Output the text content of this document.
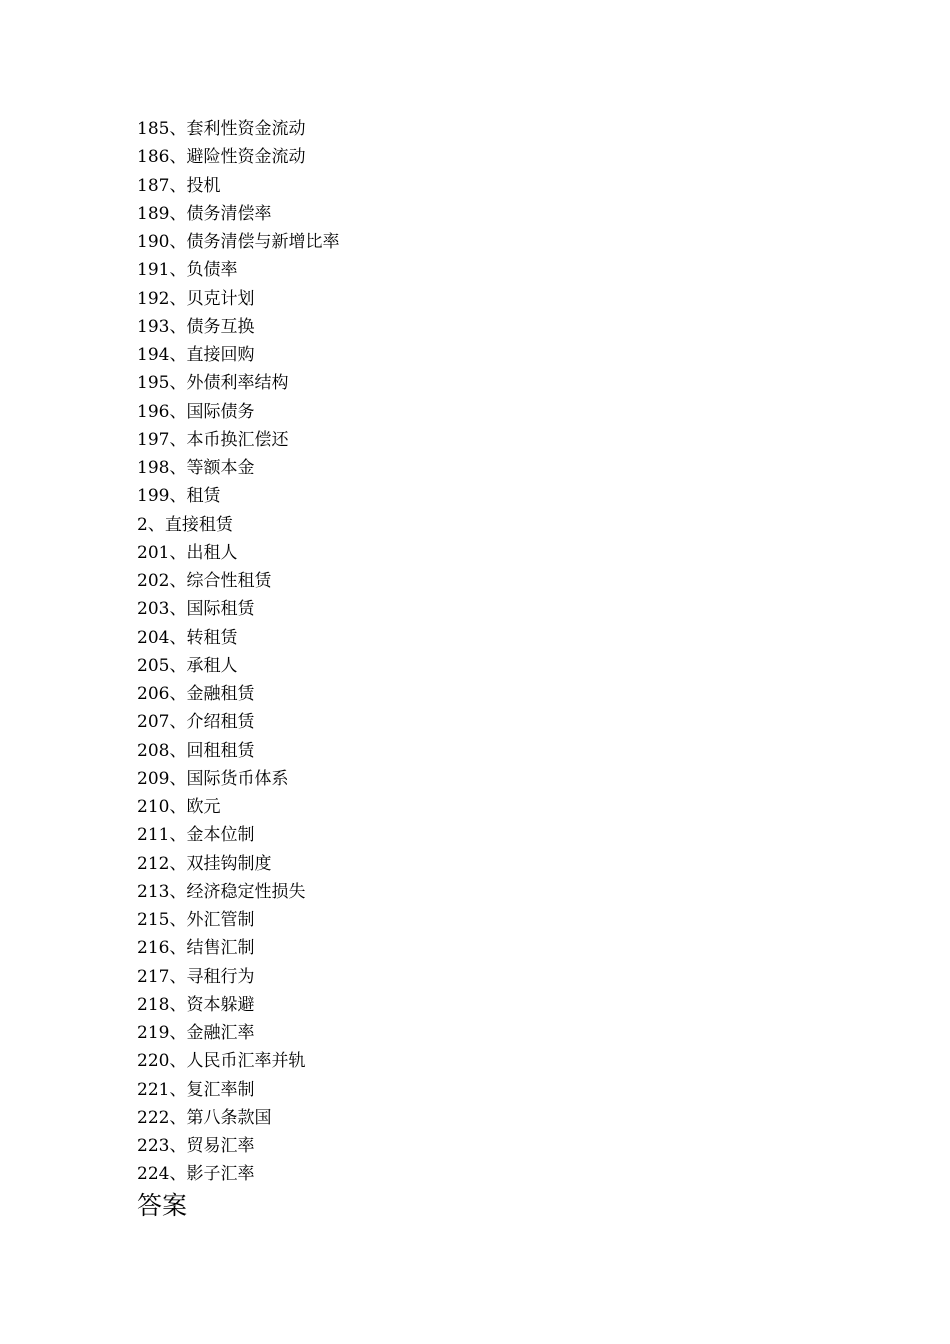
185、套利性资金流动
186、避险性资金流动
187、投机
189、债务清偿率
190、债务清偿与新增比率
191、负债率
192、贝克计划
193、债务互换
194、直接回购
195、外债利率结构
196、国际债务
197、本币换汇偿还
198、等额本金
199、租赁
2、直接租赁
201、出租人
202、综合性租赁
203、国际租赁
204、转租赁
205、承租人
206、金融租赁
207、介绍租赁
208、回租租赁
209、国际货币体系
210、欧元
211、金本位制
212、双挂钩制度
213、经济稳定性损失
215、外汇管制
216、结售汇制
217、寻租行为
218、资本躲避
219、金融汇率
220、人民币汇率并轨
221、复汇率制
222、第八条款国
223、贸易汇率
224、影子汇率
答案
